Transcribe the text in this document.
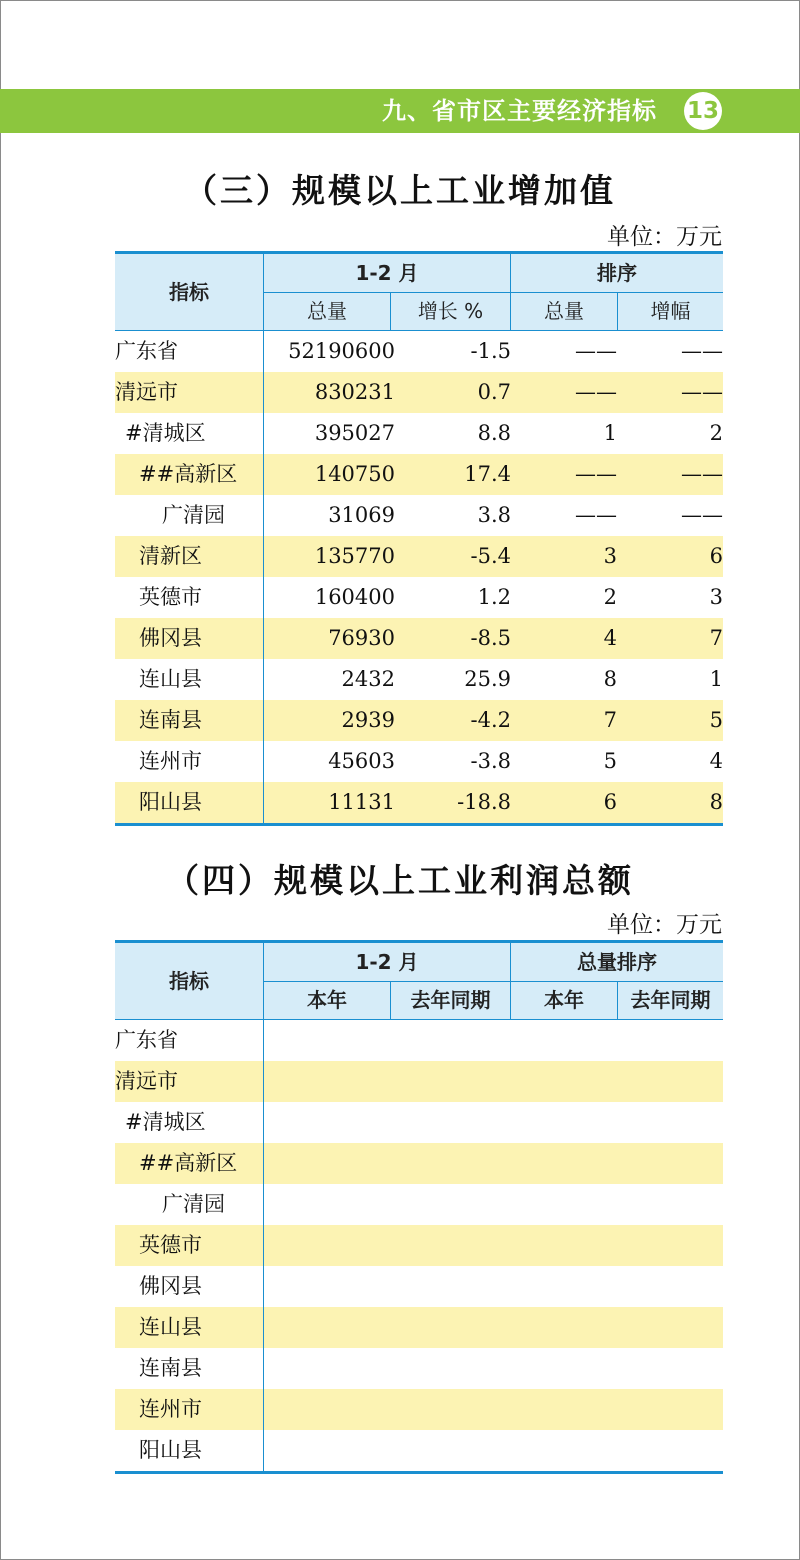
九、省市区主要经济指标 13
（三）规模以上工业增加值
单位：万元
指标
1-2 月	排序
总量	增长 %	总量	增幅
广东省	52190600	-1.5	——	——
清远市	830231	0.7	——	——
#清城区	395027	8.8	1	2
##高新区	140750	17.4	——	——
广清园	31069	3.8	——	——
清新区	135770	-5.4	3	6
英德市	160400	1.2	2	3
佛冈县	76930	-8.5	4	7
连山县	2432	25.9	8	1
连南县	2939	-4.2	7	5
连州市	45603	-3.8	5	4
阳山县	11131	-18.8	6	8
（四）规模以上工业利润总额
单位：万元
指标
1-2 月	总量排序
本年	去年同期	本年	去年同期
广东省
清远市
#清城区
##高新区
广清园
英德市
佛冈县
连山县
连南县
连州市
阳山县
